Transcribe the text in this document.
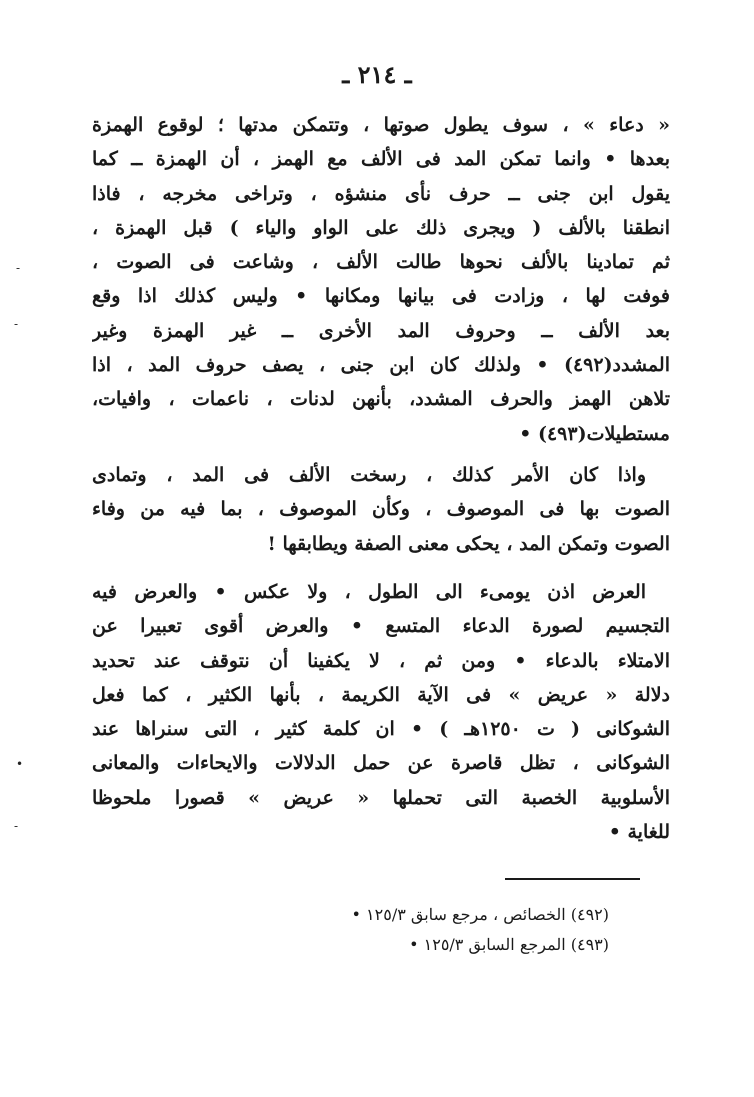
ـ ٢١٤ ـ
« دعاء » ، سوف يطول صوتها ، وتتمكن مدتها ؛ لوقوع الهمزة
بعدها • وانما تمكن المد فى الألف مع الهمز ، أن الهمزة ــ كما
يقول ابن جنى ــ حرف نأى منشؤه ، وتراخى مخرجه ، فاذا
انطقنا بالألف ( ويجرى ذلك على الواو والياء ) قبل الهمزة ،
ثم تمادينا بالألف نحوها طالت الألف ، وشاعت فى الصوت ،
فوفت لها ، وزادت فى بيانها ومكانها • وليس كذلك اذا وقع
بعد الألف ــ وحروف المد الأخرى ــ غير الهمزة وغير
المشدد(٤٩٢) • ولذلك كان ابن جنى ، يصف حروف المد ، اذا
تلاهن الهمز والحرف المشدد، بأنهن لدنات ، ناعمات ، وافيات،
مستطيلات(٤٩٣) •
واذا كان الأمر كذلك ، رسخت الألف فى المد ، وتمادى
الصوت بها فى الموصوف ، وكأن الموصوف ، بما فيه من وفاء
الصوت وتمكن المد ، يحكى معنى الصفة ويطابقها !
العرض اذن يومىء الى الطول ، ولا عكس • والعرض فيه
التجسيم لصورة الدعاء المتسع • والعرض أقوى تعبيرا عن
الامتلاء بالدعاء • ومن ثم ، لا يكفينا أن نتوقف عند تحديد
دلالة « عريض » فى الآية الكريمة ، بأنها الكثير ، كما فعل
الشوكانى ( ت ١٢٥٠هـ ) • ان كلمة كثير ، التى سنراها عند
الشوكانى ، تظل قاصرة عن حمل الدلالات والايحاءات والمعانى
الأسلوبية الخصبة التى تحملها « عريض » قصورا ملحوظا
للغاية •
(٤٩٢) الخصائص ، مرجع سابق ١٢٥/٣ •
(٤٩٣) المرجع السابق ١٢٥/٣ •
-
-
•
-
